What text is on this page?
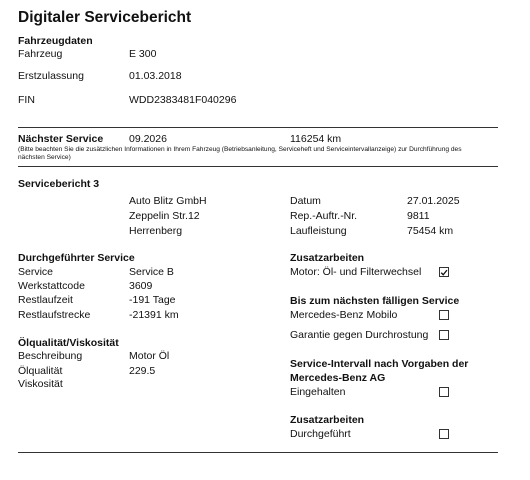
Digitaler Servicebericht
Fahrzeugdaten
Fahrzeug	E 300
Erstzulassung	01.03.2018
FIN	WDD2383481F040296
Nächster Service 09.2026	116254 km
(Bitte beachten Sie die zusätzlichen Informationen in Ihrem Fahrzeug (Betriebsanleitung, Serviceheft und Serviceintervallanzeige) zur Durchführung des nächsten Service)
Servicebericht 3
Auto Blitz GmbH
Zeppelin Str.12
Herrenberg
Datum	27.01.2025
Rep.-Auftr.-Nr.	9811
Laufleistung	75454 km
Durchgeführter Service
Service	Service B
Werkstattcode	3609
Restlaufzeit	-191 Tage
Restlaufstrecke	-21391 km
Ölqualität/Viskosität
Beschreibung	Motor Öl
Ölqualität	229.5
Viskosität
Zusatzarbeiten
Motor: Öl- und Filterwechsel
Bis zum nächsten fälligen Service
Mercedes-Benz Mobilo
Garantie gegen Durchrostung
Service-Intervall nach Vorgaben der
Mercedes-Benz AG
Eingehalten
Zusatzarbeiten
Durchgeführt
